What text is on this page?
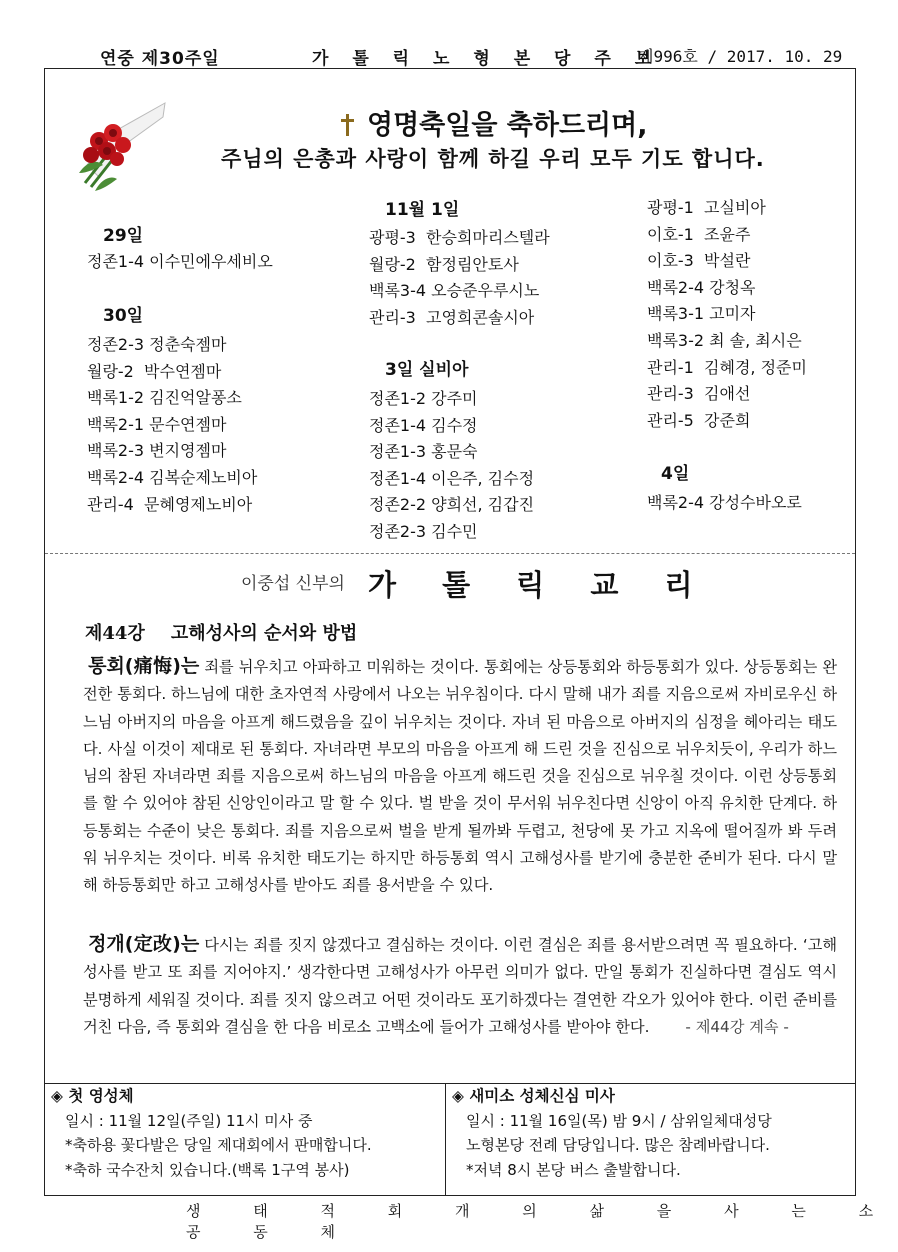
연중 제30주일	가 톨 릭 노 형 본 당 주 보
제996호 / 2017. 10. 29
영명축일을 축하드리며,
주님의 은총과 사랑이 함께 하길 우리 모두 기도 합니다.
29일
정존1-4 이수민에우세비오
30일
정존2-3 정춘숙젬마
월랑-2  박수연젬마
백록1-2 김진억알퐁소
백록2-1 문수연젬마
백록2-3 변지영젬마
백록2-4 김복순제노비아
관리-4  문혜영제노비아
11월 1일
광평-3  한승희마리스텔라
월랑-2  함정림안토사
백록3-4 오승준우루시노
관리-3  고영희콘솔시아
3일 실비아
정존1-2 강주미
정존1-4 김수정
정존1-3 홍문숙
정존1-4 이은주, 김수정
정존2-2 양희선, 김갑진
정존2-3 김수민
광평-1  고실비아
이호-1  조윤주
이호-3  박설란
백록2-4 강청옥
백록3-1 고미자
백록3-2 최 솔, 최시은
관리-1  김혜경, 정준미
관리-3  김애선
관리-5  강준희
4일
백록2-4 강성수바오로
이중섭 신부의 가 톨 릭 교 리
제44강 고해성사의 순서와 방법
통회(痛悔)는 죄를 뉘우치고 아파하고 미워하는 것이다. 통회에는 상등통회와 하등통회가 있다. 상등통회는 완전한 통회다. 하느님에 대한 초자연적 사랑에서 나오는 뉘우침이다. 다시 말해 내가 죄를 지음으로써 자비로우신 하느님 아버지의 마음을 아프게 해드렸음을 깊이 뉘우치는 것이다. 자녀 된 마음으로 아버지의 심정을 헤아리는 태도다. 사실 이것이 제대로 된 통회다. 자녀라면 부모의 마음을 아프게 해 드린 것을 진심으로 뉘우치듯이, 우리가 하느님의 참된 자녀라면 죄를 지음으로써 하느님의 마음을 아프게 해드린 것을 진심으로 뉘우칠 것이다. 이런 상등통회를 할 수 있어야 참된 신앙인이라고 말 할 수 있다. 벌 받을 것이 무서워 뉘우친다면 신앙이 아직 유치한 단계다. 하등통회는 수준이 낮은 통회다. 죄를 지음으로써 벌을 받게 될까봐 두렵고, 천당에 못 가고 지옥에 떨어질까 봐 두려워 뉘우치는 것이다. 비록 유치한 태도기는 하지만 하등통회 역시 고해성사를 받기에 충분한 준비가 된다. 다시 말해 하등통회만 하고 고해성사를 받아도 죄를 용서받을 수 있다.
정개(定改)는 다시는 죄를 짓지 않겠다고 결심하는 것이다. 이런 결심은 죄를 용서받으려면 꼭 필요하다. ‘고해성사를 받고 또 죄를 지어야지.’ 생각한다면 고해성사가 아무런 의미가 없다. 만일 통회가 진실하다면 결심도 역시 분명하게 세워질 것이다. 죄를 짓지 않으려고 어떤 것이라도 포기하겠다는 결연한 각오가 있어야 한다. 이런 준비를 거친 다음, 즉 통회와 결심을 한 다음 비로소 고백소에 들어가 고해성사를 받아야 한다. - 제44강 계속 -
◈ 첫 영성체
일시 : 11월 12일(주일) 11시 미사 중
*축하용 꽃다발은 당일 제대회에서 판매합니다.
*축하 국수잔치 있습니다.(백록 1구역 봉사)
◈ 새미소 성체신심 미사
일시 : 11월 16일(목) 밤 9시 / 삼위일체대성당
노형본당 전례 담당입니다. 많은 참례바랍니다.
*저녁 8시 본당 버스 출발합니다.
생 태 적 회 개 의 삶 을 사 는 소 공 동 체
